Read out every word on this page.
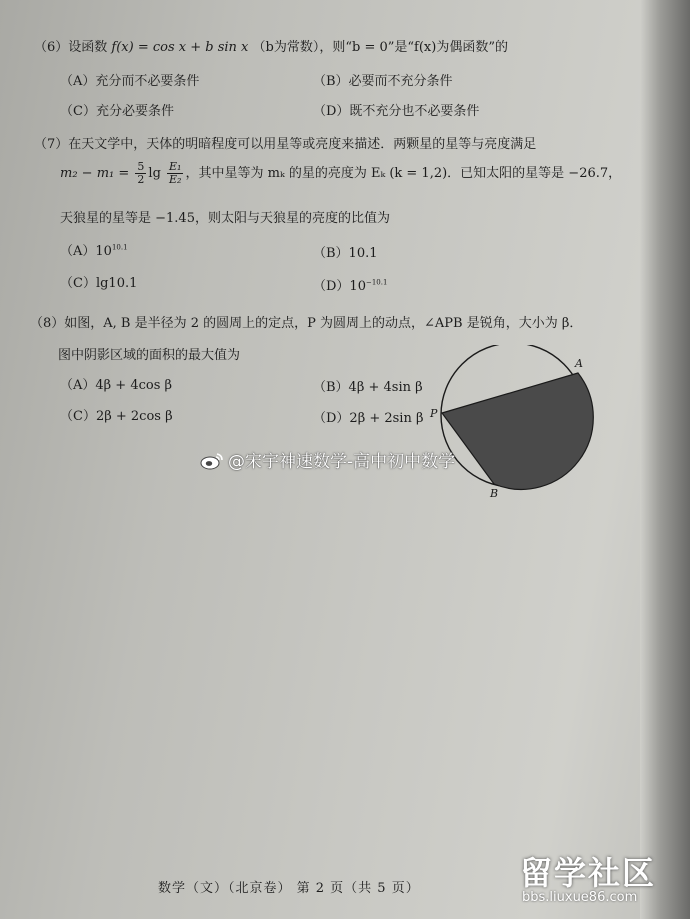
（6）设函数 f(x) = cos x + b sin x （b为常数），则“b = 0”是“f(x)为偶函数”的
（A）充分而不必要条件	（B）必要而不充分条件
（C）充分必要条件	（D）既不充分也不必要条件
（7）在天文学中，天体的明暗程度可以用星等或亮度来描述．两颗星的星等与亮度满足
$m_2 - m_1 = \frac{5}{2}$ $\lg \frac{\text{E₁}}{\text{E₂}}$ ，其中星等为 mₖ 的星的亮度为 Eₖ (k = 1,2)．已知太阳的星等是 −26.7，
天狼星的星等是 −1.45，则太阳与天狼星的亮度的比值为
$(A)10^{10.1}$	（B）10.1
（C）lg10.1	$(D)10^{-10.1}$
（8）如图，A, B 是半径为 2 的圆周上的定点，P 为圆周上的动点，∠APB 是锐角，大小为 β．
图中阴影区域的面积的最大值为
（A）4β + 4cos β	（B）4β + 4sin β
（C）2β + 2cos β	（D）2β + 2sin β
A
P
B
@宋宇神速数学-高中初中数学
数学（文）（北京卷） 第 2 页（共 5 页）	留学社区
bbs.liuxue86.com
